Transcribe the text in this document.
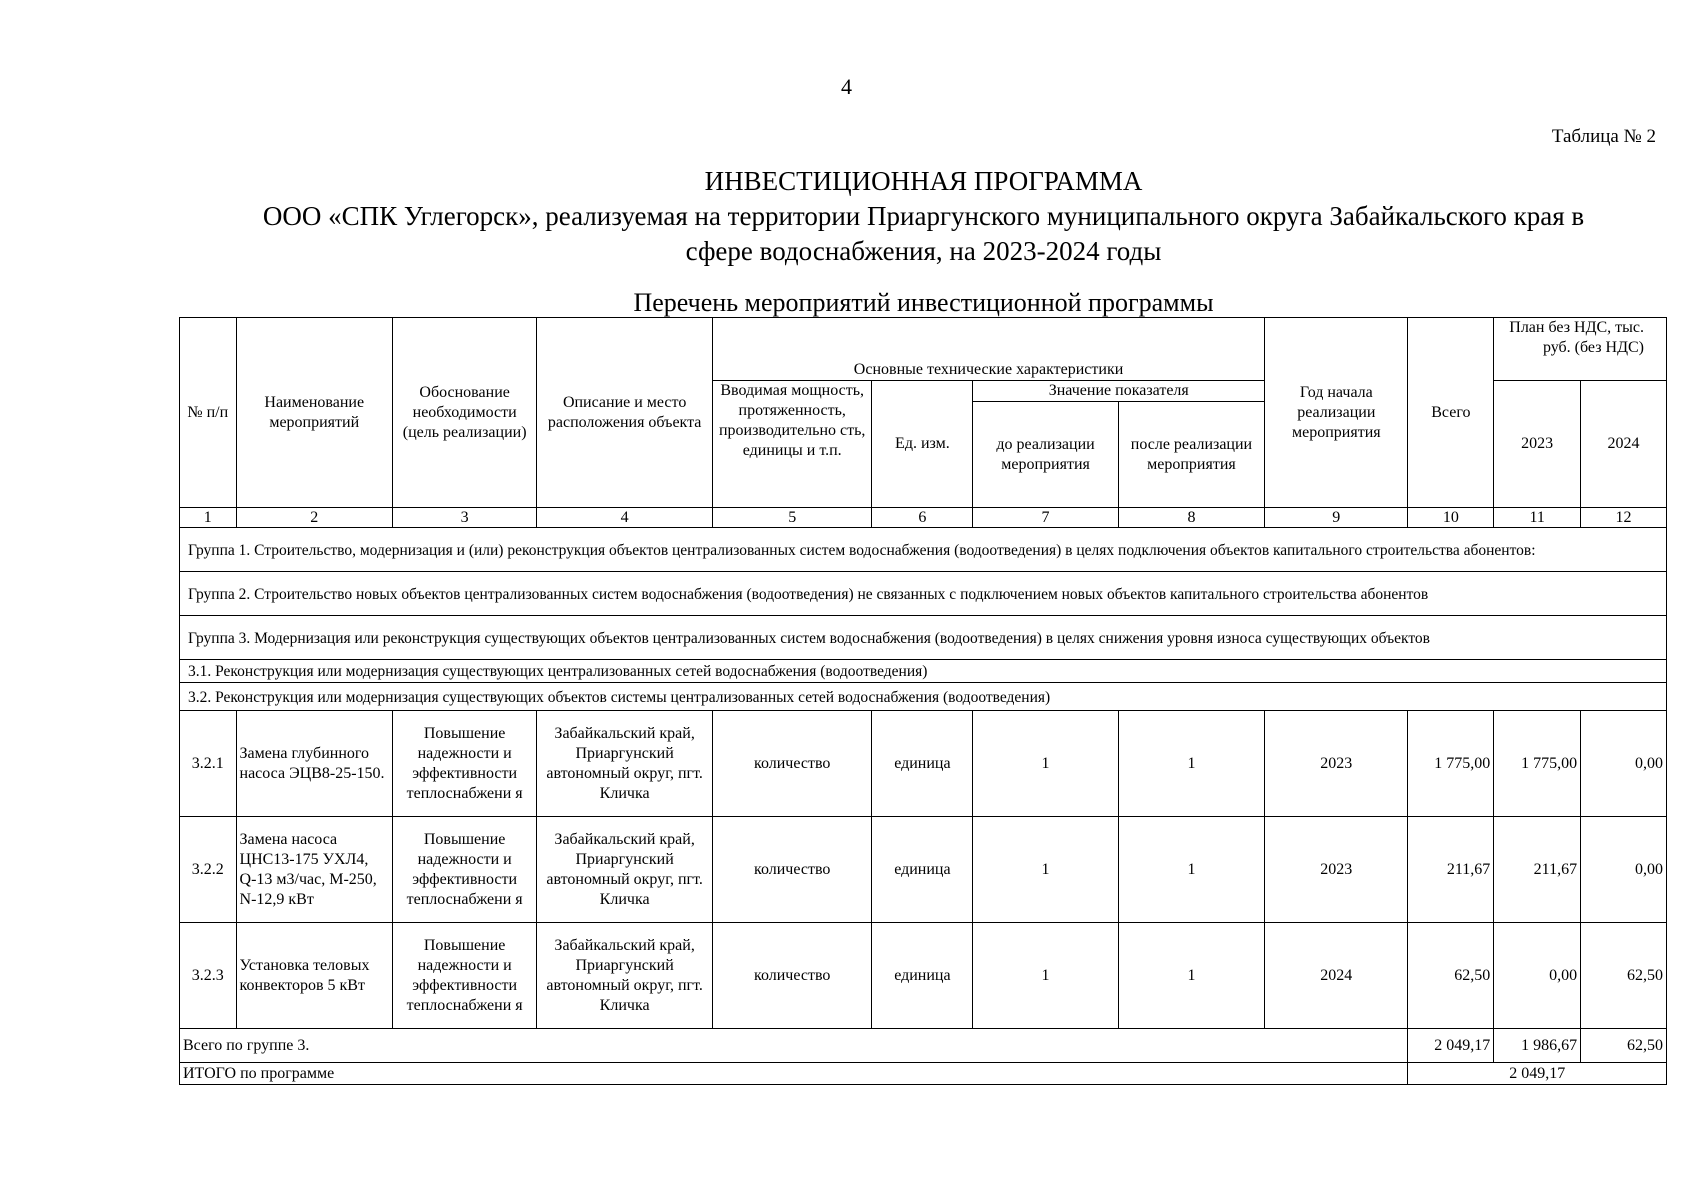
4
Таблица № 2
ИНВЕСТИЦИОННАЯ ПРОГРАММА
ООО «СПК Углегорск», реализуемая на территории Приаргунского муниципального округа Забайкальского края в
сфере водоснабжения, на 2023-2024 годы
Перечень мероприятий инвестиционной программы
№ п/п	Наименование мероприятий	Обоснование необходимости (цель реализации)	Описание и место расположения объекта	Основные технические характеристики				Год начала реализации мероприятия	Всего	План без НДС, тыс. руб. (без НДС)	
				Вводимая мощность, протяженность, производительно сть, единицы и т.п.	Ед. изм.	Значение показателя				2023	2024
						до реализации мероприятия	после реализации мероприятия				
1	2	3	4	5	6	7	8	9	10	11	12
Группа 1. Строительство, модернизация и (или) реконструкция объектов централизованных систем водоснабжения (водоотведения) в целях подключения объектов капитального строительства абонентов:											
Группа 2. Строительство новых объектов централизованных систем водоснабжения (водоотведения) не связанных с подключением новых объектов капитального строительства абонентов											
Группа 3. Модернизация или реконструкция существующих объектов централизованных систем водоснабжения (водоотведения) в целях снижения уровня износа существующих объектов											
3.1. Реконструкция или модернизация существующих централизованных сетей водоснабжения (водоотведения)											
3.2. Реконструкция или модернизация существующих объектов системы централизованных сетей водоснабжения (водоотведения)											
3.2.1	Замена глубинного насоса ЭЦВ8-25-150.	Повышение надежности и эффективности теплоснабжени я	Забайкальский край, Приаргунский автономный округ, пгт. Кличка	количество	единица	1	1	2023	1 775,00	1 775,00	0,00
3.2.2	Замена насоса ЦНС13-175 УХЛ4, Q-13 м3/час, М-250, N-12,9 кВт	Повышение надежности и эффективности теплоснабжени я	Забайкальский край, Приаргунский автономный округ, пгт. Кличка	количество	единица	1	1	2023	211,67	211,67	0,00
3.2.3	Установка теловых конвекторов 5 кВт	Повышение надежности и эффективности теплоснабжени я	Забайкальский край, Приаргунский автономный округ, пгт. Кличка	количество	единица	1	1	2024	62,50	0,00	62,50
Всего по группе 3.									2 049,17	1 986,67	62,50
ИТОГО по программе									2 049,17		
